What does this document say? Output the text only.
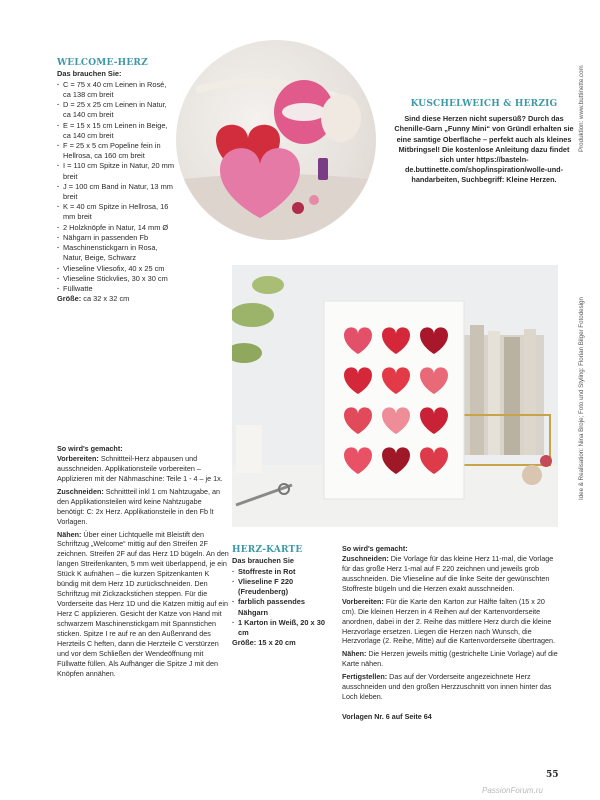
WELCOME-HERZ
Das brauchen Sie:
· C = 75 x 40 cm Leinen in Rosé, ca 138 cm breit
· D = 25 x 25 cm Leinen in Natur, ca 140 cm breit
· E = 15 x 15 cm Leinen in Beige, ca 140 cm breit
· F = 25 x 5 cm Popeline fein in Hellrosa, ca 160 cm breit
· I = 110 cm Spitze in Natur, 20 mm breit
· J = 100 cm Band in Natur, 13 mm breit
· K = 40 cm Spitze in Hellrosa, 16 mm breit
· 2 Holzknöpfe in Natur, 14 mm Ø
· Nähgarn in passenden Fb
· Maschinenstickgarn in Rosa, Natur, Beige, Schwarz
· Vlieseline Vliesofix, 40 x 25 cm
· Vlieseline Stickvlies, 30 x 30 cm
· Füllwatte
Größe: ca 32 x 32 cm
KUSCHELWEICH & HERZIG
Sind diese Herzen nicht supersüß? Durch das Chenille-Garn „Funny Mini“ von Gründl erhalten sie eine samtige Oberfläche – perfekt auch als kleines Mitbringsel! Die kostenlose Anleitung dazu findet sich unter https://basteln-de.buttinette.com/shop/inspiration/wolle-und-handarbeiten, Suchbegriff: Kleine Herzen.
Produktion: www.buttinette.com
Idee & Realisation: Nina Broje; Foto und Styling: Florian Bilger Fotodesign

So wird's gemacht:

Vorbereiten: Schnittteil-Herz abpausen und ausschneiden. Applikationsteile vorbereiten – Applizieren mit der Nähmaschine: Teile 1 - 4 – je 1x.

Zuschneiden: Schnittteil inkl 1 cm Nahtzugabe, an den Applikationsteilen wird keine Nahtzugabe benötigt: C: 2x Herz. Applikationsteile in den Fb lt Vorlagen.

Nähen: Über einer Lichtquelle mit Bleistift den Schriftzug „Welcome“ mittig auf den Streifen 2F zeichnen. Streifen 2F auf das Herz 1D bügeln. An den langen Streifenkanten, 5 mm weit überlappend, je ein Stück K aufnähen – die kurzen Spitzenkanten K bündig mit dem Herz 1D zurückschneiden. Den Schriftzug mit Zickzackstichen steppen. Für die Vorderseite das Herz 1D und die Katzen mittig auf ein Herz C applizieren. Gesicht der Katze von Hand mit schwarzem Maschinenstickgarn mit Spannstichen sticken. Spitze I re auf re an den Außenrand des Herzteils C heften, dann die Herzteile C verstürzen und vor dem Schließen der Wendeöffnung mit Füllwatte füllen. Als Aufhänger die Spitze J mit den Knöpfen annähen.

HERZ-KARTE
Das brauchen Sie
· Stoffreste in Rot
· Vlieseline F 220 (Freudenberg)
· farblich passendes Nähgarn
· 1 Karton in Weiß, 20 x 30 cm
Größe: 15 x 20 cm

So wird's gemacht:

Zuschneiden: Die Vorlage für das kleine Herz 11-mal, die Vorlage für das große Herz 1-mal auf F 220 zeichnen und jeweils grob ausschneiden. Die Vlieseline auf die linke Seite der gewünschten Stoffreste bügeln und die Herzen exakt ausschneiden.

Vorbereiten: Für die Karte den Karton zur Hälfte falten (15 x 20 cm). Die kleinen Herzen in 4 Reihen auf der Kartenvorderseite anordnen, dabei in der 2. Reihe das mittlere Herz durch die kleine Herzvorlage ersetzen. Liegen die Herzen nach Wunsch, die Herzvorlage (2. Reihe, Mitte) auf die Kartenvorderseite übertragen.

Nähen: Die Herzen jeweils mittig (gestrichelte Linie Vorlage) auf die Karte nähen.

Fertigstellen: Das auf der Vorderseite angezeichnete Herz ausschneiden und den großen Herzzuschnitt von innen hinter das Loch kleben.

Vorlagen Nr. 6 auf Seite 64

55
PassionForum.ru
